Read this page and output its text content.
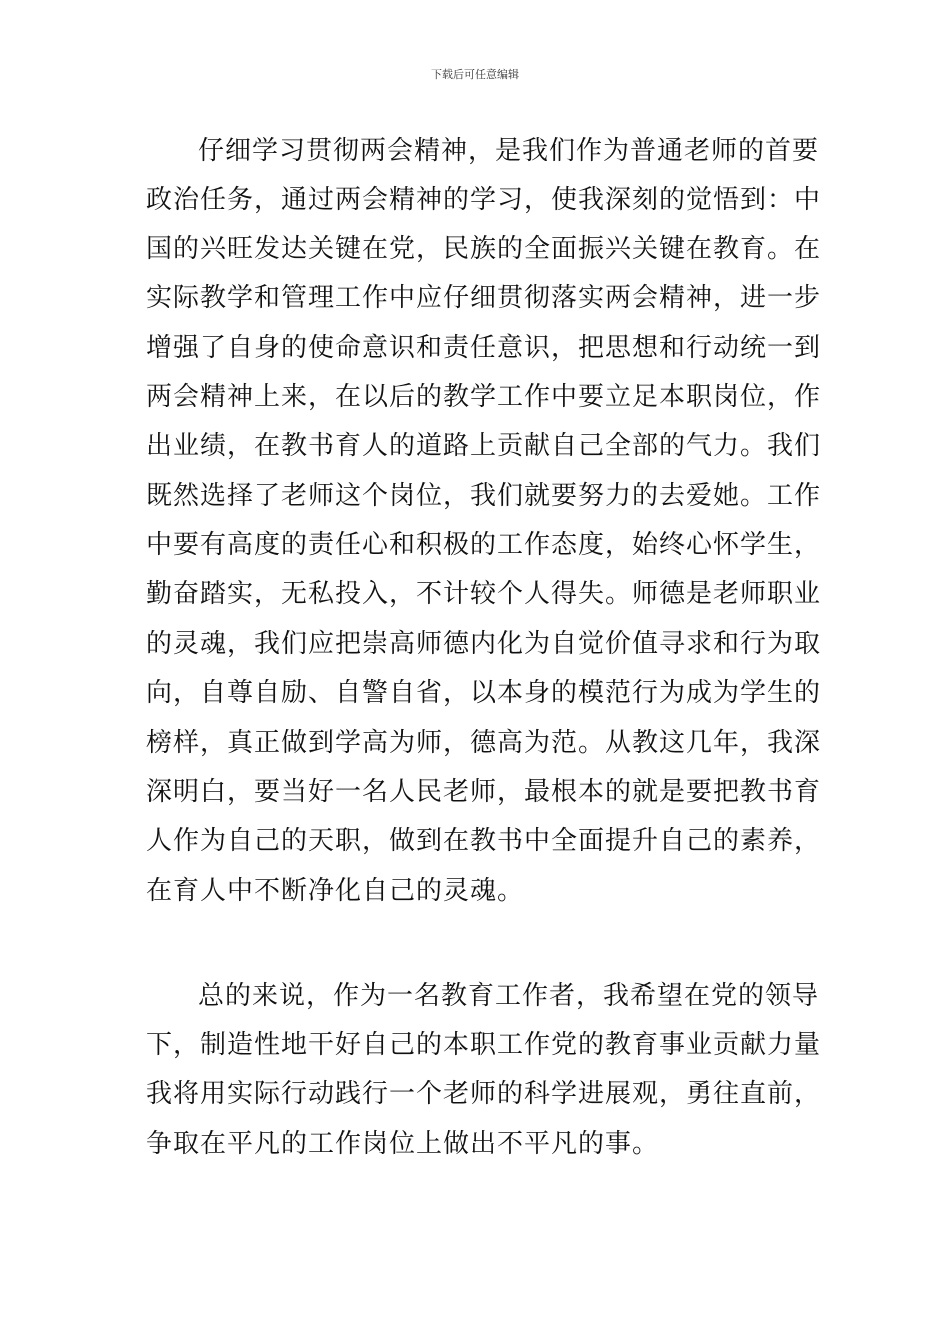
下载后可任意编辑
仔细学习贯彻两会精神，是我们作为普通老师的首要
政治任务，通过两会精神的学习，使我深刻的觉悟到：中
国的兴旺发达关键在党，民族的全面振兴关键在教育。在
实际教学和管理工作中应仔细贯彻落实两会精神，进一步
增强了自身的使命意识和责任意识，把思想和行动统一到
两会精神上来，在以后的教学工作中要立足本职岗位，作
出业绩，在教书育人的道路上贡献自己全部的气力。我们
既然选择了老师这个岗位，我们就要努力的去爱她。工作
中要有高度的责任心和积极的工作态度，始终心怀学生，
勤奋踏实，无私投入，不计较个人得失。师德是老师职业
的灵魂，我们应把崇高师德内化为自觉价值寻求和行为取
向，自尊自励、自警自省，以本身的模范行为成为学生的
榜样，真正做到学高为师，德高为范。从教这几年，我深
深明白，要当好一名人民老师，最根本的就是要把教书育
人作为自己的天职，做到在教书中全面提升自己的素养，
在育人中不断净化自己的灵魂。
总的来说，作为一名教育工作者，我希望在党的领导
下，制造性地干好自己的本职工作党的教育事业贡献力量
我将用实际行动践行一个老师的科学进展观，勇往直前，
争取在平凡的工作岗位上做出不平凡的事。
